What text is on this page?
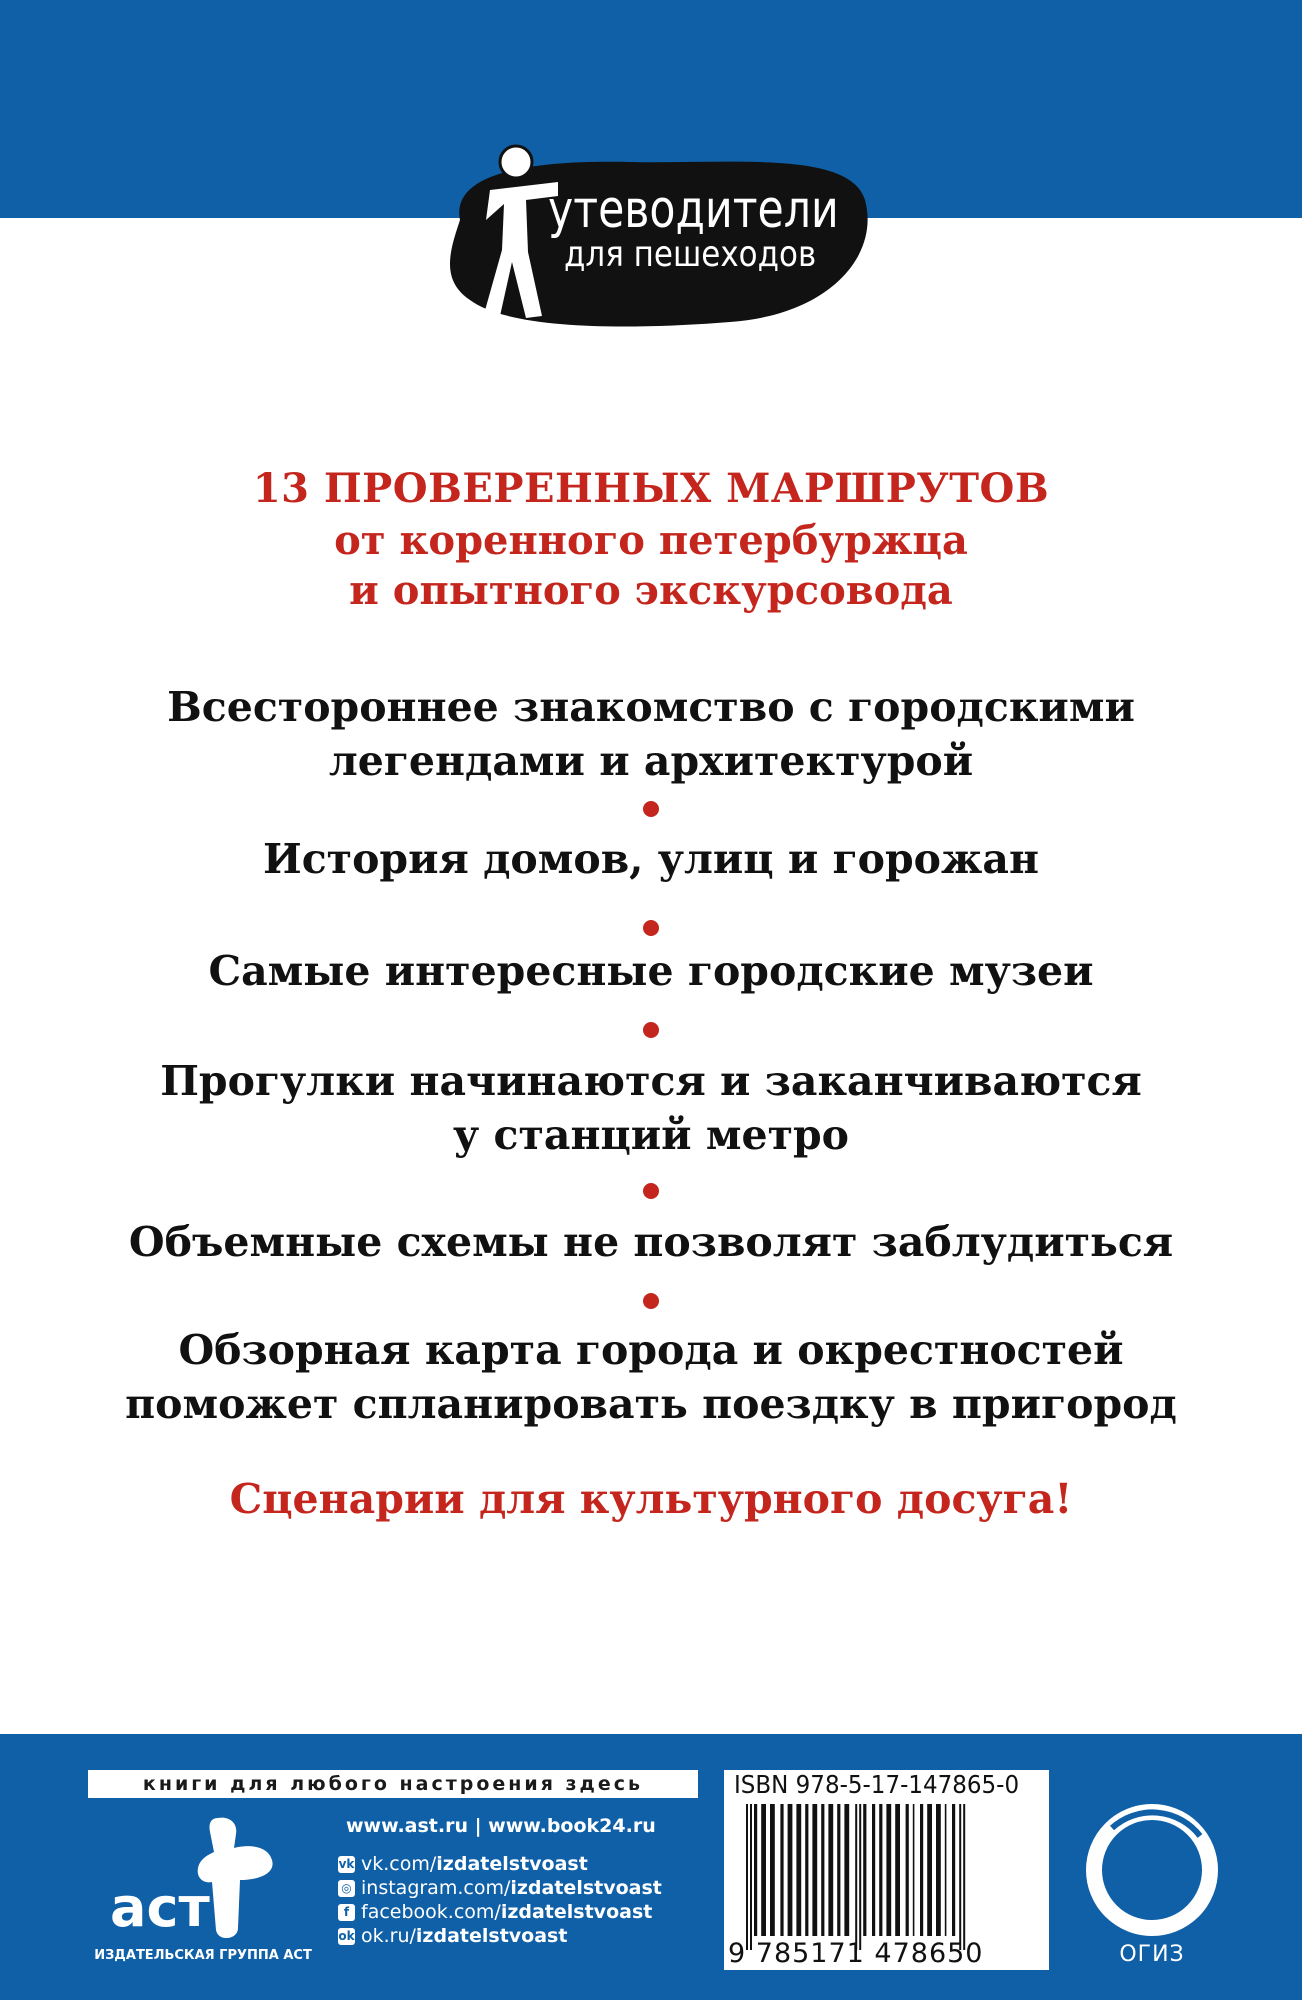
утеводители
для пешеходов
13 ПРОВЕРЕННЫХ МАРШРУТОВ
от коренного петербуржца
и опытного экскурсовода
Всестороннее знакомство с городскими
легендами и архитектурой
История домов, улиц и горожан
Самые интересные городские музеи
Прогулки начинаются и заканчиваются
у станций метро
Объемные схемы не позволят заблудиться
Обзорная карта города и окрестностей
поможет спланировать поездку в пригород
Сценарии для культурного досуга!
книги для любого настроения здесь
аст
ИЗДАТЕЛЬСКАЯ ГРУППА АСТ
www.ast.ru | www.book24.ru
vk vk.com/ izdatelstvoast
◎ instagram.com/ izdatelstvoast
f facebook.com/ izdatelstvoast
ok ok.ru/ izdatelstvoast
ISBN 978-5-17-147865-0
9 785171 478650	ОГИЗ
